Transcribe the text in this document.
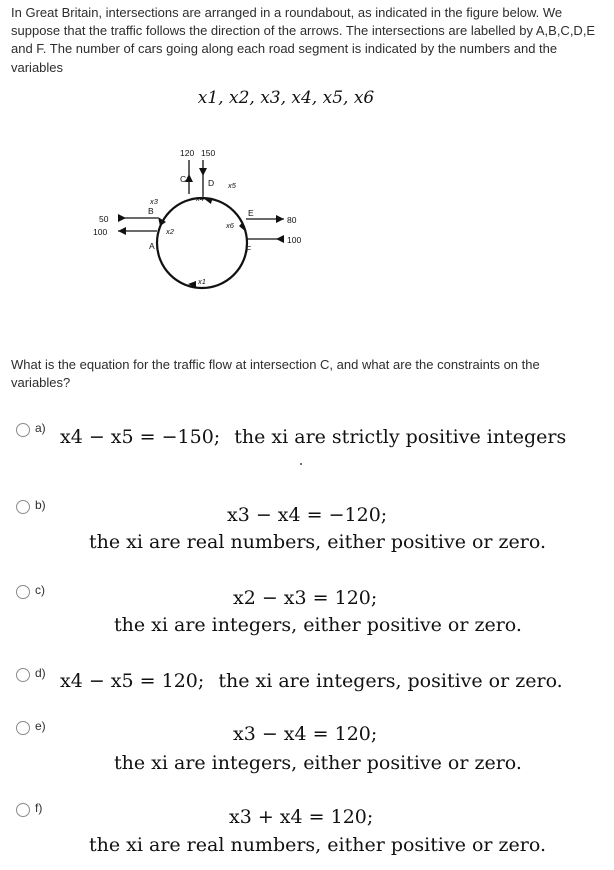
In Great Britain, intersections are arranged in a roundabout, as indicated in the figure below. We suppose that the traffic follows the direction of the arrows. The intersections are labelled by A,B,C,D,E and F. The number of cars going along each road segment is indicated by the numbers and the variables
x1, x2, x3, x4, x5, x6
120 150
50
100
80
100
A
B
C	D
E
F
x1
x2
x3	x4
x5
x6
What is the equation for the traffic flow at intersection C, and what are the constraints on the variables?
a) x4 − x5 = −150; the xi are strictly positive integers
b)	x3 − x4 = −120;
the xi are real numbers, either positive or zero.
c)	x2 − x3 = 120;
the xi are integers, either positive or zero.
d) x4 − x5 = 120; the xi are integers, positive or zero.
e)	x3 − x4 = 120;
the xi are integers, either positive or zero.
f)	x3 + x4 = 120;
the xi are real numbers, either positive or zero.
